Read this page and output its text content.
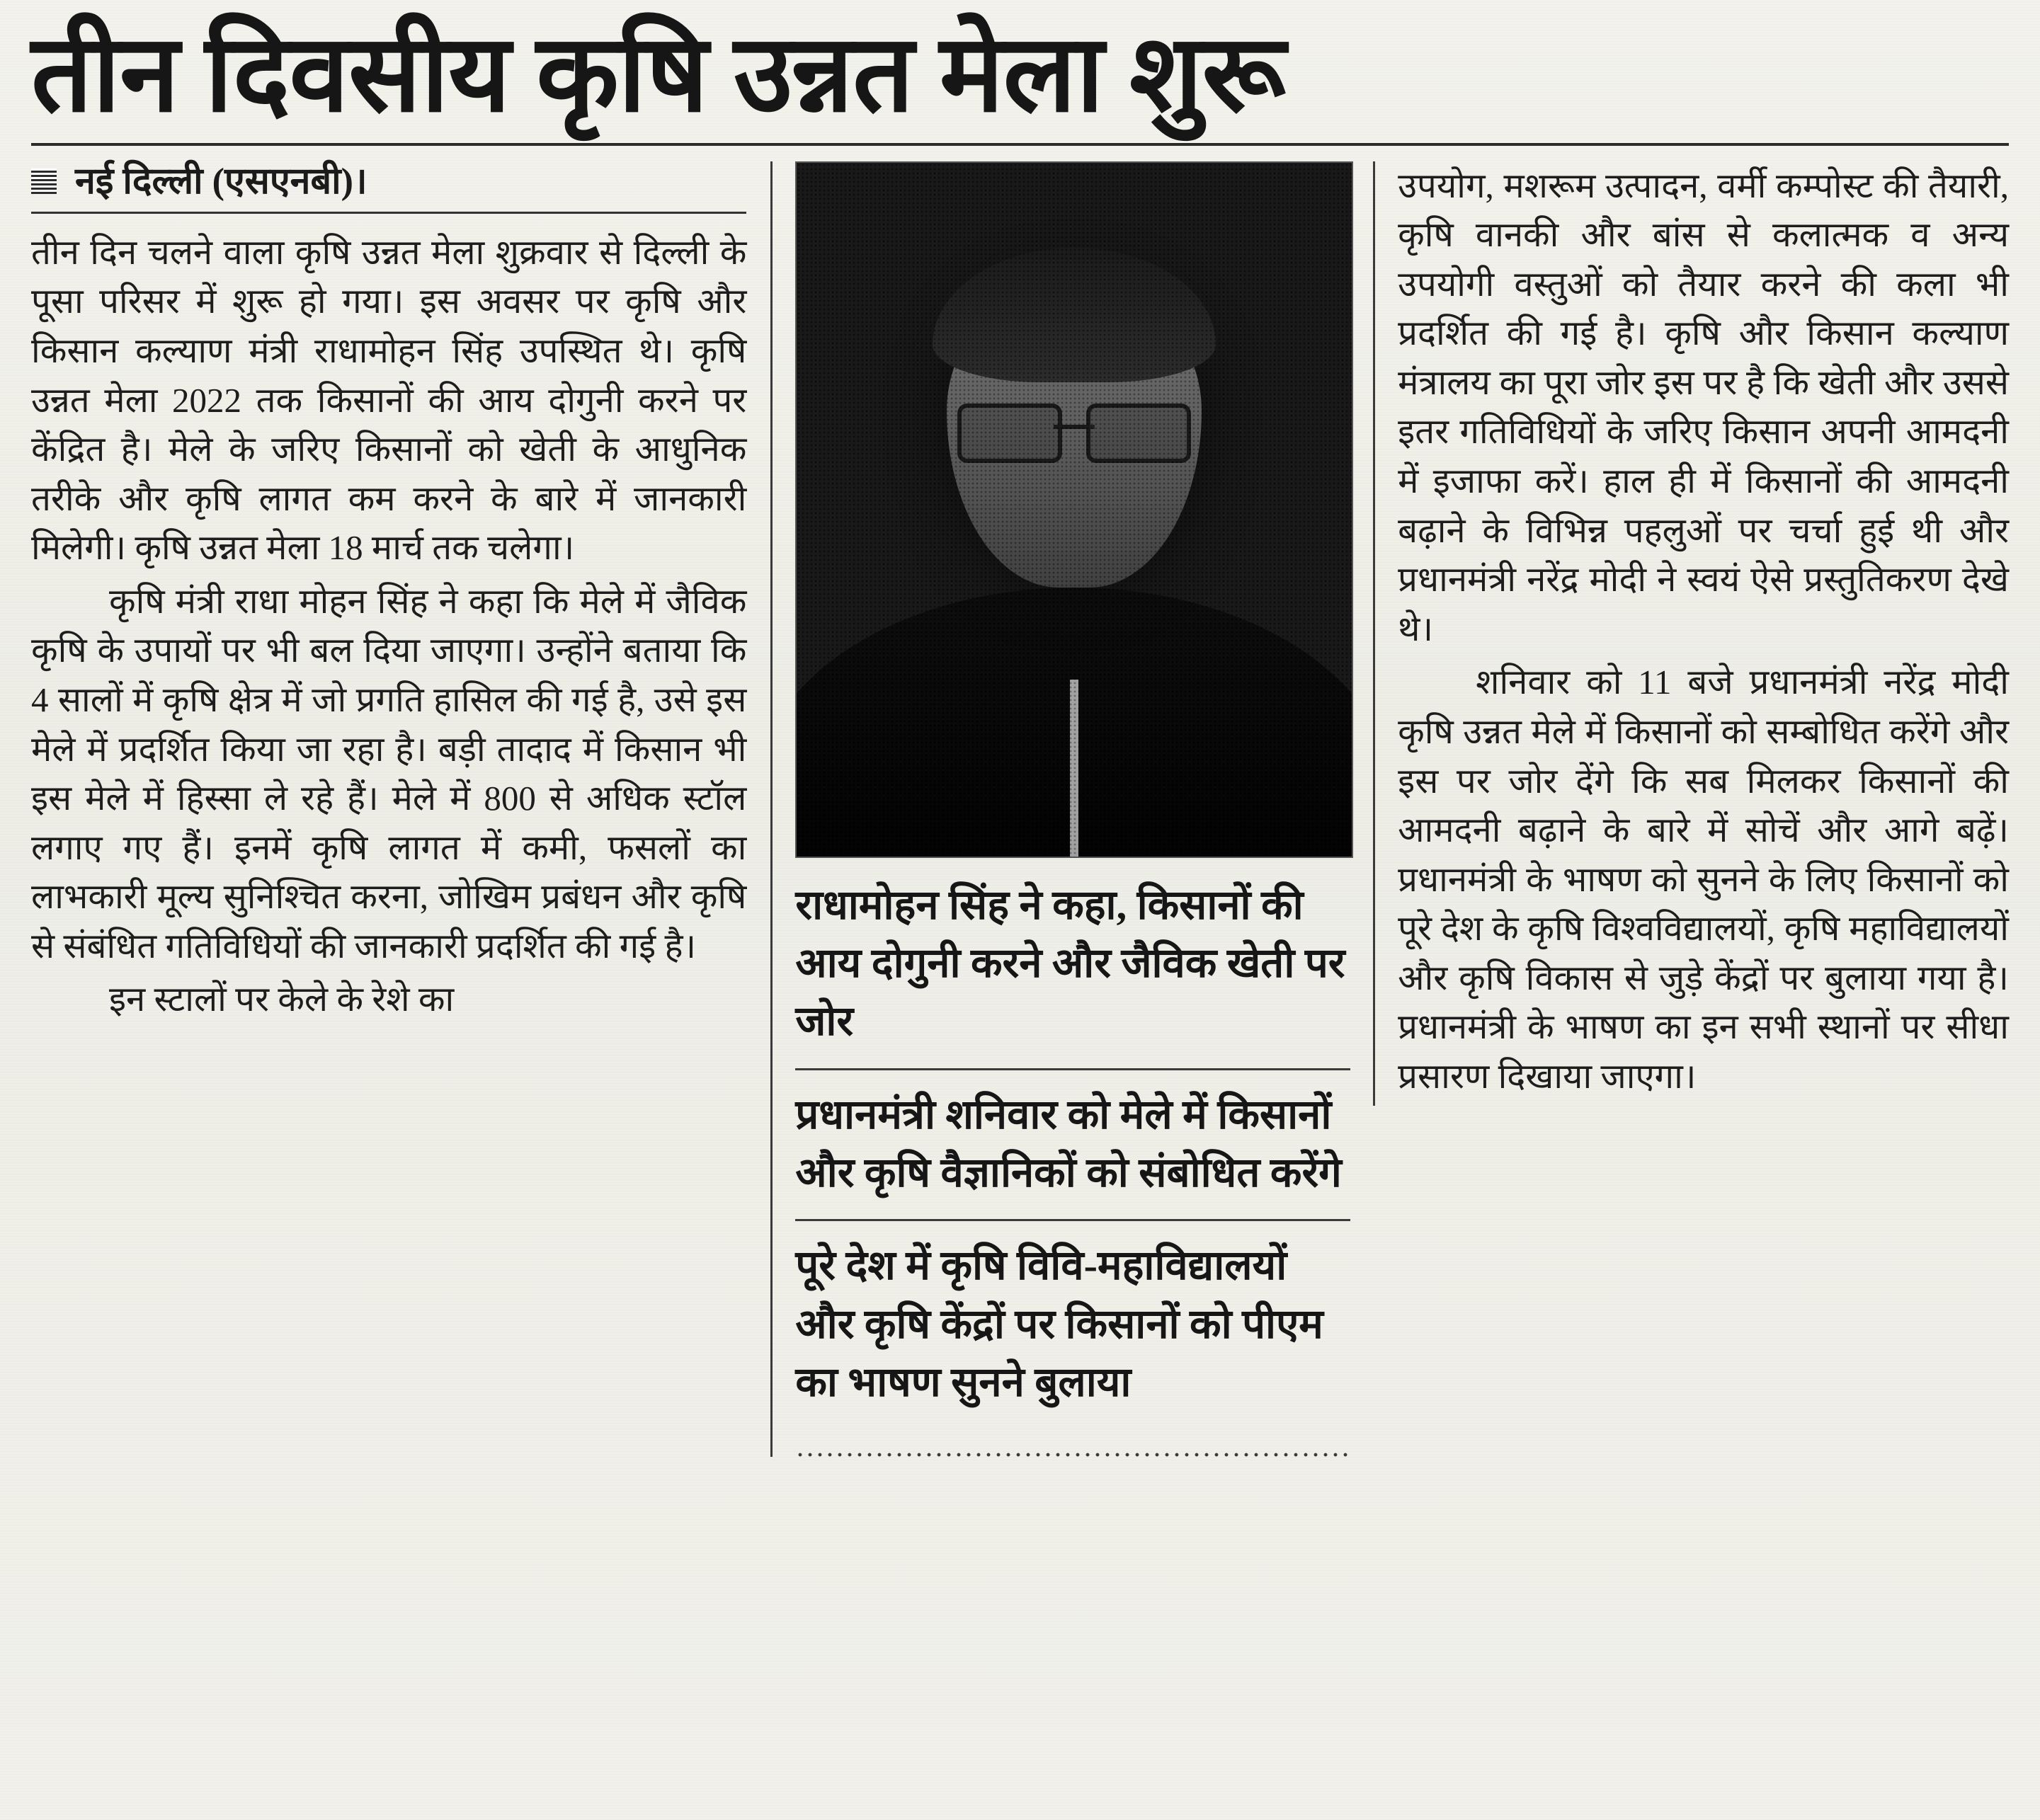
तीन दिवसीय कृषि उन्नत मेला शुरू
नई दिल्ली (एसएनबी)।

तीन दिन चलने वाला कृषि उन्नत मेला शुक्रवार से दिल्ली के पूसा परिसर में शुरू हो गया। इस अवसर पर कृषि और किसान कल्याण मंत्री राधामोहन सिंह उपस्थित थे। कृषि उन्नत मेला 2022 तक किसानों की आय दोगुनी करने पर केंद्रित है। मेले के जरिए किसानों को खेती के आधुनिक तरीके और कृषि लागत कम करने के बारे में जानकारी मिलेगी। कृषि उन्नत मेला 18 मार्च तक चलेगा।

कृषि मंत्री राधा मोहन सिंह ने कहा कि मेले में जैविक कृषि के उपायों पर भी बल दिया जाएगा। उन्होंने बताया कि 4 सालों में कृषि क्षेत्र में जो प्रगति हासिल की गई है, उसे इस मेले में प्रदर्शित किया जा रहा है। बड़ी तादाद में किसान भी इस मेले में हिस्सा ले रहे हैं। मेले में 800 से अधिक स्टॉल लगाए गए हैं। इनमें कृषि लागत में कमी, फसलों का लाभकारी मूल्य सुनिश्चित करना, जोखिम प्रबंधन और कृषि से संबंधित गतिविधियों की जानकारी प्रदर्शित की गई है।

इन स्टालों पर केले के रेशे का

राधामोहन सिंह ने कहा, किसानों की आय दोगुनी करने और जैविक खेती पर जोर
प्रधानमंत्री शनिवार को मेले में किसानों और कृषि वैज्ञानिकों को संबोधित करेंगे
पूरे देश में कृषि विवि-महाविद्यालयों और कृषि केंद्रों पर किसानों को पीएम का भाषण सुनने बुलाया

उपयोग, मशरूम उत्पादन, वर्मी कम्पोस्ट की तैयारी, कृषि वानकी और बांस से कलात्मक व अन्य उपयोगी वस्तुओं को तैयार करने की कला भी प्रदर्शित की गई है। कृषि और किसान कल्याण मंत्रालय का पूरा जोर इस पर है कि खेती और उससे इतर गतिविधियों के जरिए किसान अपनी आमदनी में इजाफा करें। हाल ही में किसानों की आमदनी बढ़ाने के विभिन्न पहलुओं पर चर्चा हुई थी और प्रधानमंत्री नरेंद्र मोदी ने स्वयं ऐसे प्रस्तुतिकरण देखे थे।

शनिवार को 11 बजे प्रधानमंत्री नरेंद्र मोदी कृषि उन्नत मेले में किसानों को सम्बोधित करेंगे और इस पर जोर देंगे कि सब मिलकर किसानों की आमदनी बढ़ाने के बारे में सोचें और आगे बढ़ें। प्रधानमंत्री के भाषण को सुनने के लिए किसानों को पूरे देश के कृषि विश्वविद्यालयों, कृषि महाविद्यालयों और कृषि विकास से जुड़े केंद्रों पर बुलाया गया है। प्रधानमंत्री के भाषण का इन सभी स्थानों पर सीधा प्रसारण दिखाया जाएगा।
